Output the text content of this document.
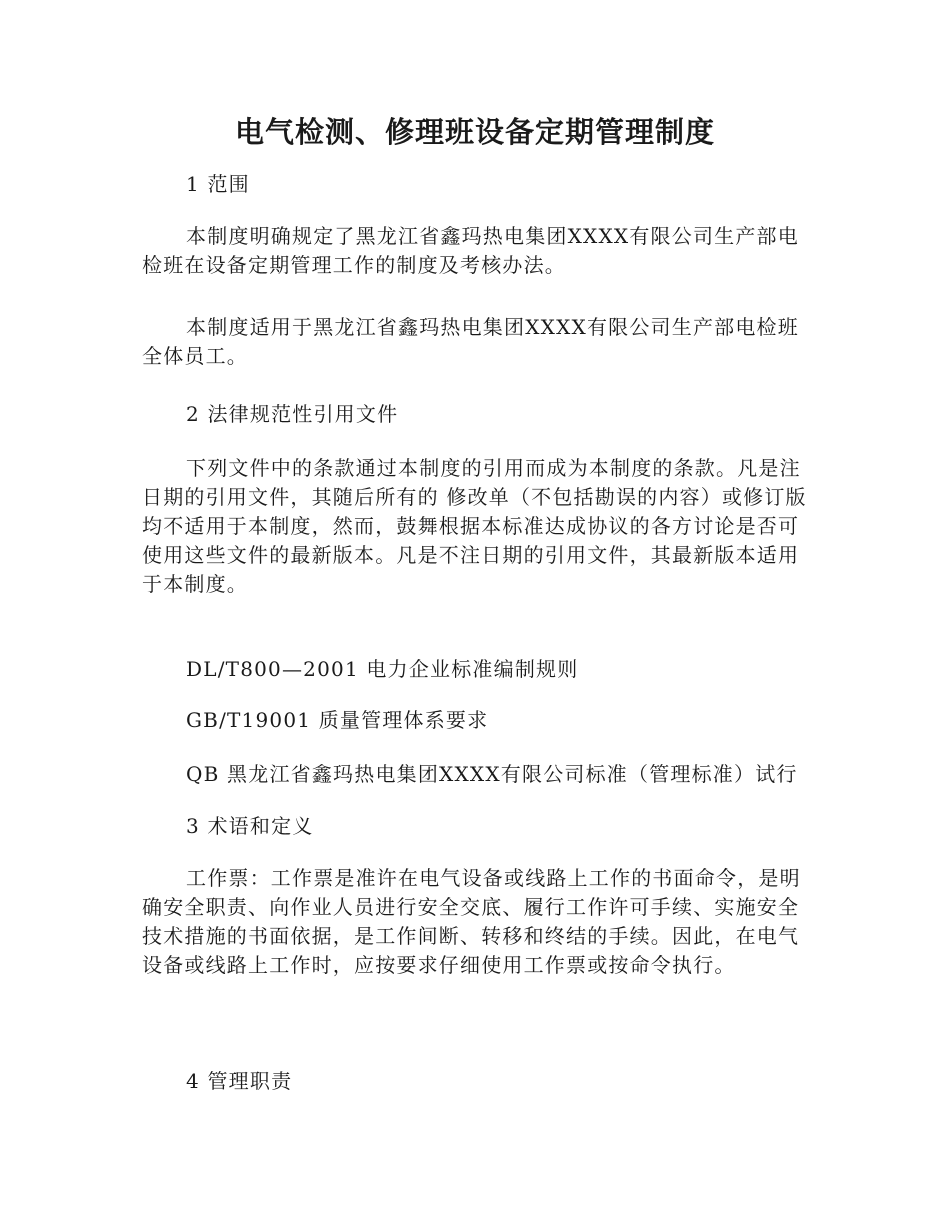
电气检测、修理班设备定期管理制度

1 范围

本制度明确规定了黑龙江省鑫玛热电集团XXXX有限公司生产部电检班在设备定期管理工作的制度及考核办法。

本制度适用于黑龙江省鑫玛热电集团XXXX有限公司生产部电检班全体员工。

2 法律规范性引用文件

下列文件中的条款通过本制度的引用而成为本制度的条款。凡是注日期的引用文件，其随后所有的 修改单（不包括勘误的内容）或修订版均不适用于本制度，然而，鼓舞根据本标准达成协议的各方讨论是否可使用这些文件的最新版本。凡是不注日期的引用文件，其最新版本适用于本制度。

DL/T800—2001 电力企业标准编制规则

GB/T19001 质量管理体系要求

QB 黑龙江省鑫玛热电集团XXXX有限公司标准（管理标准）试行

3 术语和定义

工作票：工作票是准许在电气设备或线路上工作的书面命令，是明确安全职责、向作业人员进行安全交底、履行工作许可手续、实施安全技术措施的书面依据，是工作间断、转移和终结的手续。因此，在电气设备或线路上工作时，应按要求仔细使用工作票或按命令执行。

4 管理职责
